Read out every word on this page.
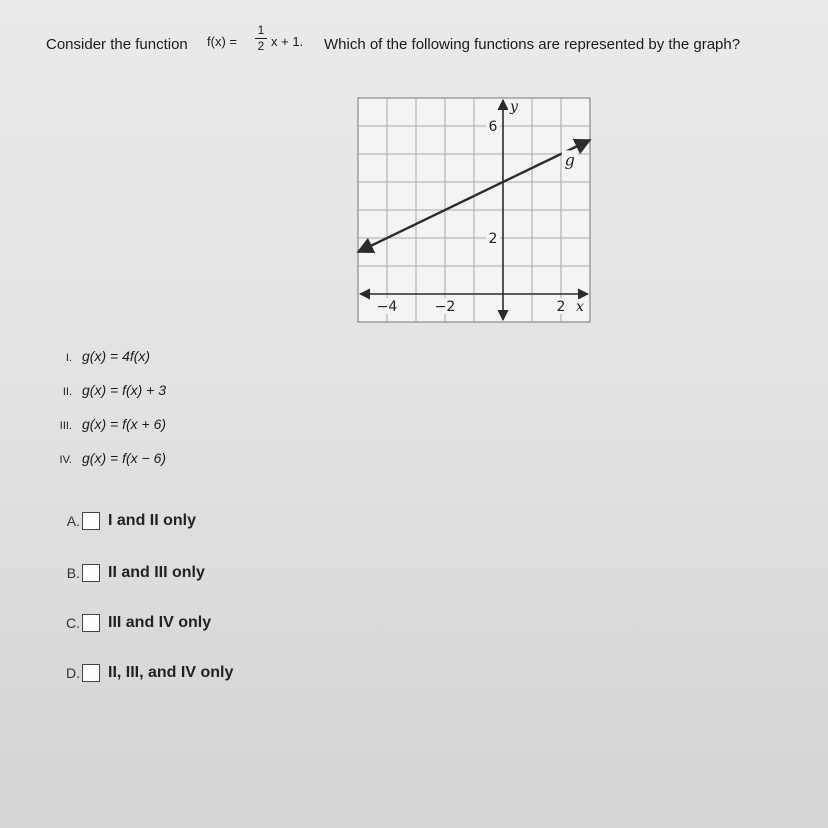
Consider the function f(x) =
1
2 x + 1. Which of the following functions are represented by the graph?
−4	−2	2
6
2
x
y
g
I. g(x) = 4f(x)
II. g(x) = f(x) + 3
III. g(x) = f(x + 6)
IV. g(x) = f(x − 6)
A. I and II only
B. II and III only
C. III and IV only
D. II, III, and IV only
